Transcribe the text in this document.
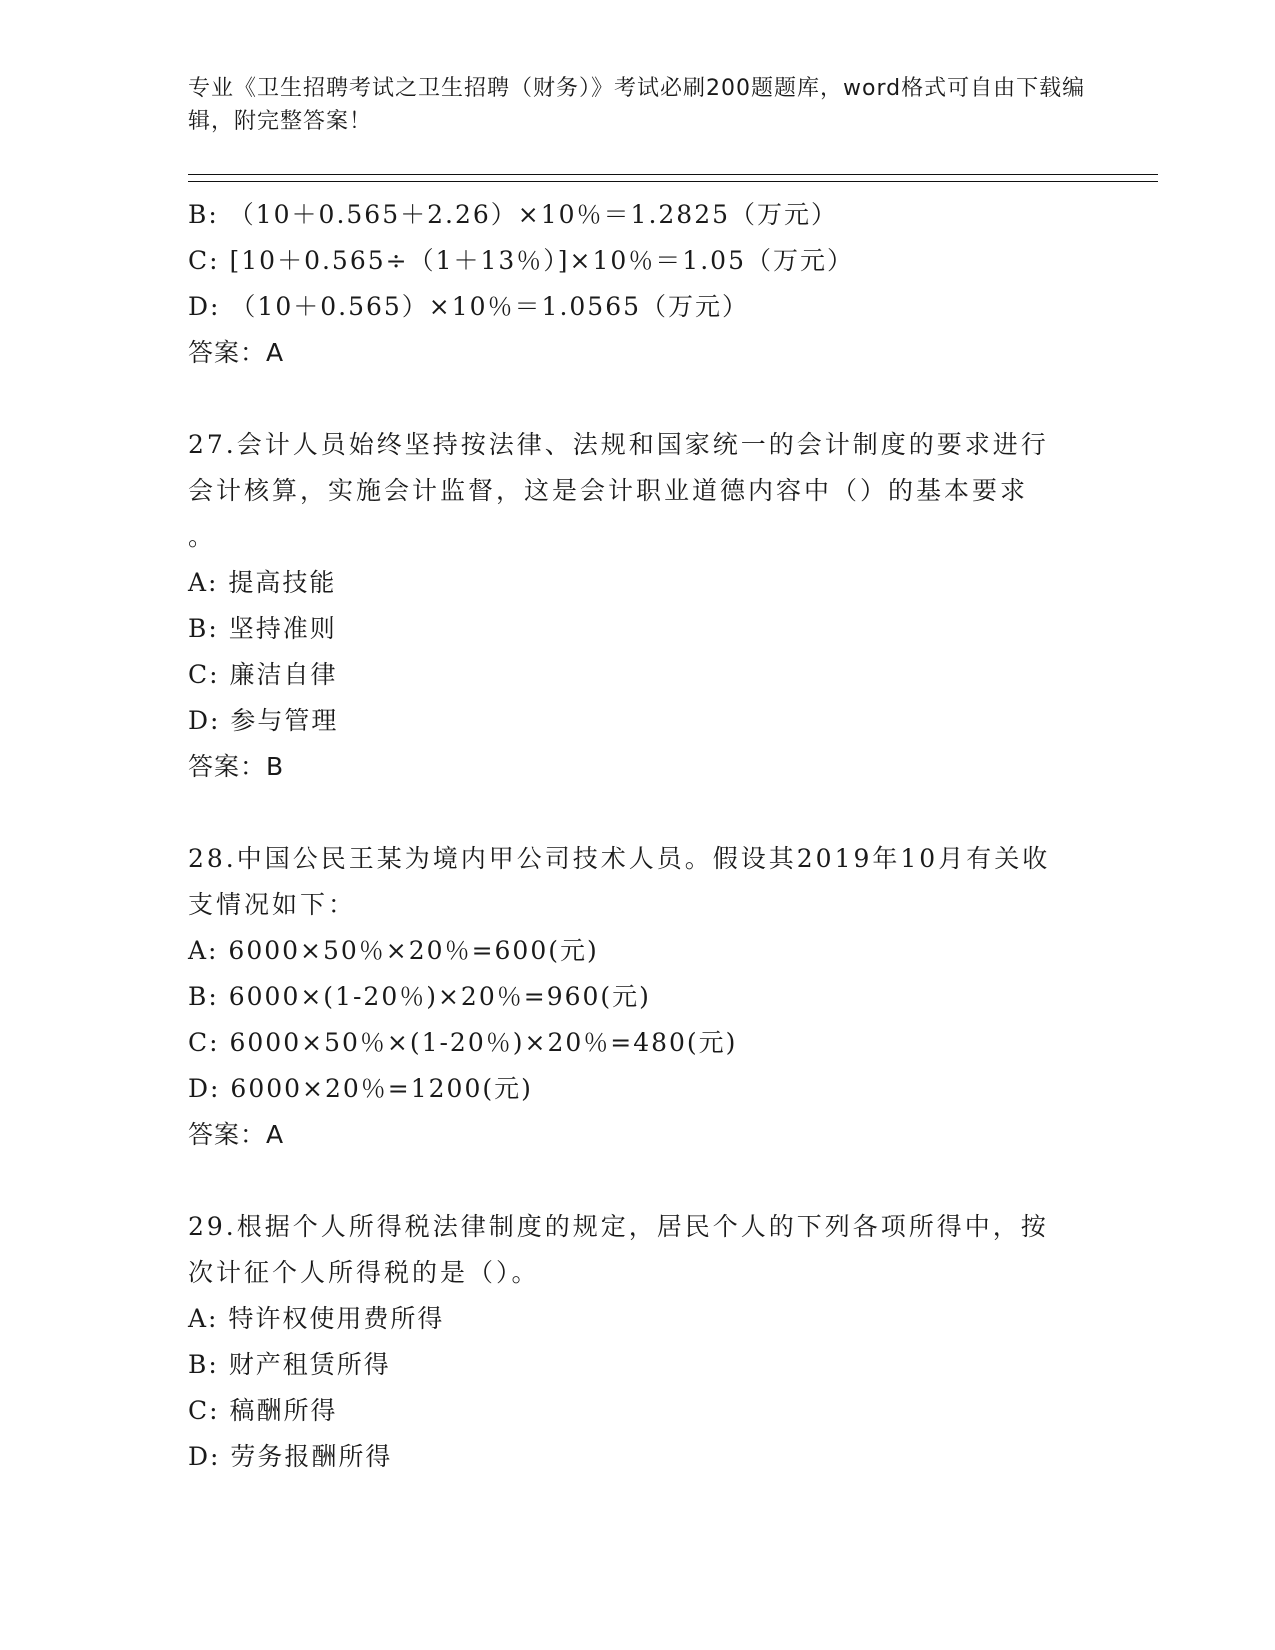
专业《卫生招聘考试之卫生招聘（财务）》考试必刷200题题库，word格式可自由下载编辑，附完整答案！
B: （10＋0.565＋2.26）×10％＝1.2825（万元）
C: [10＋0.565÷（1＋13％）]×10％＝1.05（万元）
D: （10＋0.565）×10％＝1.0565（万元）
答案：A
27.会计人员始终坚持按法律、法规和国家统一的会计制度的要求进行
会计核算，实施会计监督，这是会计职业道德内容中（）的基本要求
。
A: 提高技能
B: 坚持准则
C: 廉洁自律
D: 参与管理
答案：B
28.中国公民王某为境内甲公司技术人员。假设其2019年10月有关收
支情况如下：
A: 6000×50％×20％=600(元)
B: 6000×(1-20％)×20％=960(元)
C: 6000×50％×(1-20％)×20％=480(元)
D: 6000×20％=1200(元)
答案：A
29.根据个人所得税法律制度的规定，居民个人的下列各项所得中，按
次计征个人所得税的是（）。
A: 特许权使用费所得
B: 财产租赁所得
C: 稿酬所得
D: 劳务报酬所得
